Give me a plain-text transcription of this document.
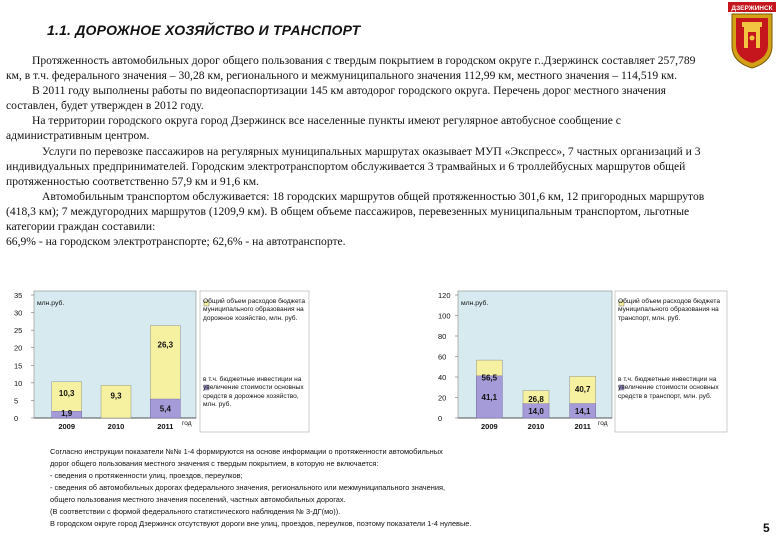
1.1. ДОРОЖНОЕ ХОЗЯЙСТВО И ТРАНСПОРТ
ДЗЕРЖИНСК

Протяженность автомобильных дорог общего пользования с твердым покрытием в городском округе г..Дзержинск составляет 257,789 км, в т.ч. федерального значения – 30,28 км, регионального и межмуниципального значения 112,99 км, местного значения – 114,519 км.

В 2011 году выполнены работы по видеопаспортизации 145 км автодорог городского округа. Перечень дорог местного значения составлен, будет утвержден в 2012 году.

На территории городского округа город Дзержинск все населенные пункты имеют регулярное автобусное сообщение с административным центром.

Услуги по перевозке пассажиров на регулярных муниципальных маршрутах оказывает МУП «Экспресс», 7 частных организаций и 3 индивидуальных предпринимателей. Городским электротранспортом обслуживается 3 трамвайных и 6 троллейбусных маршрутов общей протяженностью соответственно 57,9 км и 91,6 км.

Автомобильным транспортом обслуживается: 18 городских маршрутов общей протяженностью 301,6 км, 12 пригородных маршрутов (418,3 км); 7 междугородних маршрутов (1209,9 км). В общем объеме пассажиров, перевезенных муниципальным транспортом, льготные категории граждан составили:

66,9% - на городском электротранспорте; 62,6% - на автотранспорте.

0
5
10
15
20
25
30
35
млн.руб.
10,3
1,9
2009
9,3
2010
26,3
5,4
2011 год
Общий объем расходов бюджета муниципального образования на дорожное хозяйство, млн. руб.
в т.ч. бюджетные инвестиции на увеличение стоимости основных средств в дорожное хозяйство, млн. руб.
0
20
40
60
80
100
120
млн.руб.
56,5
41,1
2009
26,8
14,0
2010
40,7
14,1
2011 год
Общий объем расходов бюджета муниципального образования на транспорт, млн. руб.
в т.ч. бюджетные инвестиции на увеличение стоимости основных средств в транспорт, млн. руб.
Согласно инструкции показатели №№ 1-4 формируются на основе информации о протяженности автомобильных
дорог общего пользования местного значения с твердым покрытием, в которую не включается:
- сведения о протяженности улиц, проездов, переулков;
- сведения об автомобильных дорогах федерального значения, регионального или межмуниципального значения,
общего пользования местного значения поселений, частных автомобильных дорогах.
(В соответствии с формой федерального статистического наблюдения № 3-ДГ(мо)).
В городском округе город Дзержинск отсутствуют дороги вне улиц, проездов, переулков, поэтому показатели 1-4 нулевые.	5
